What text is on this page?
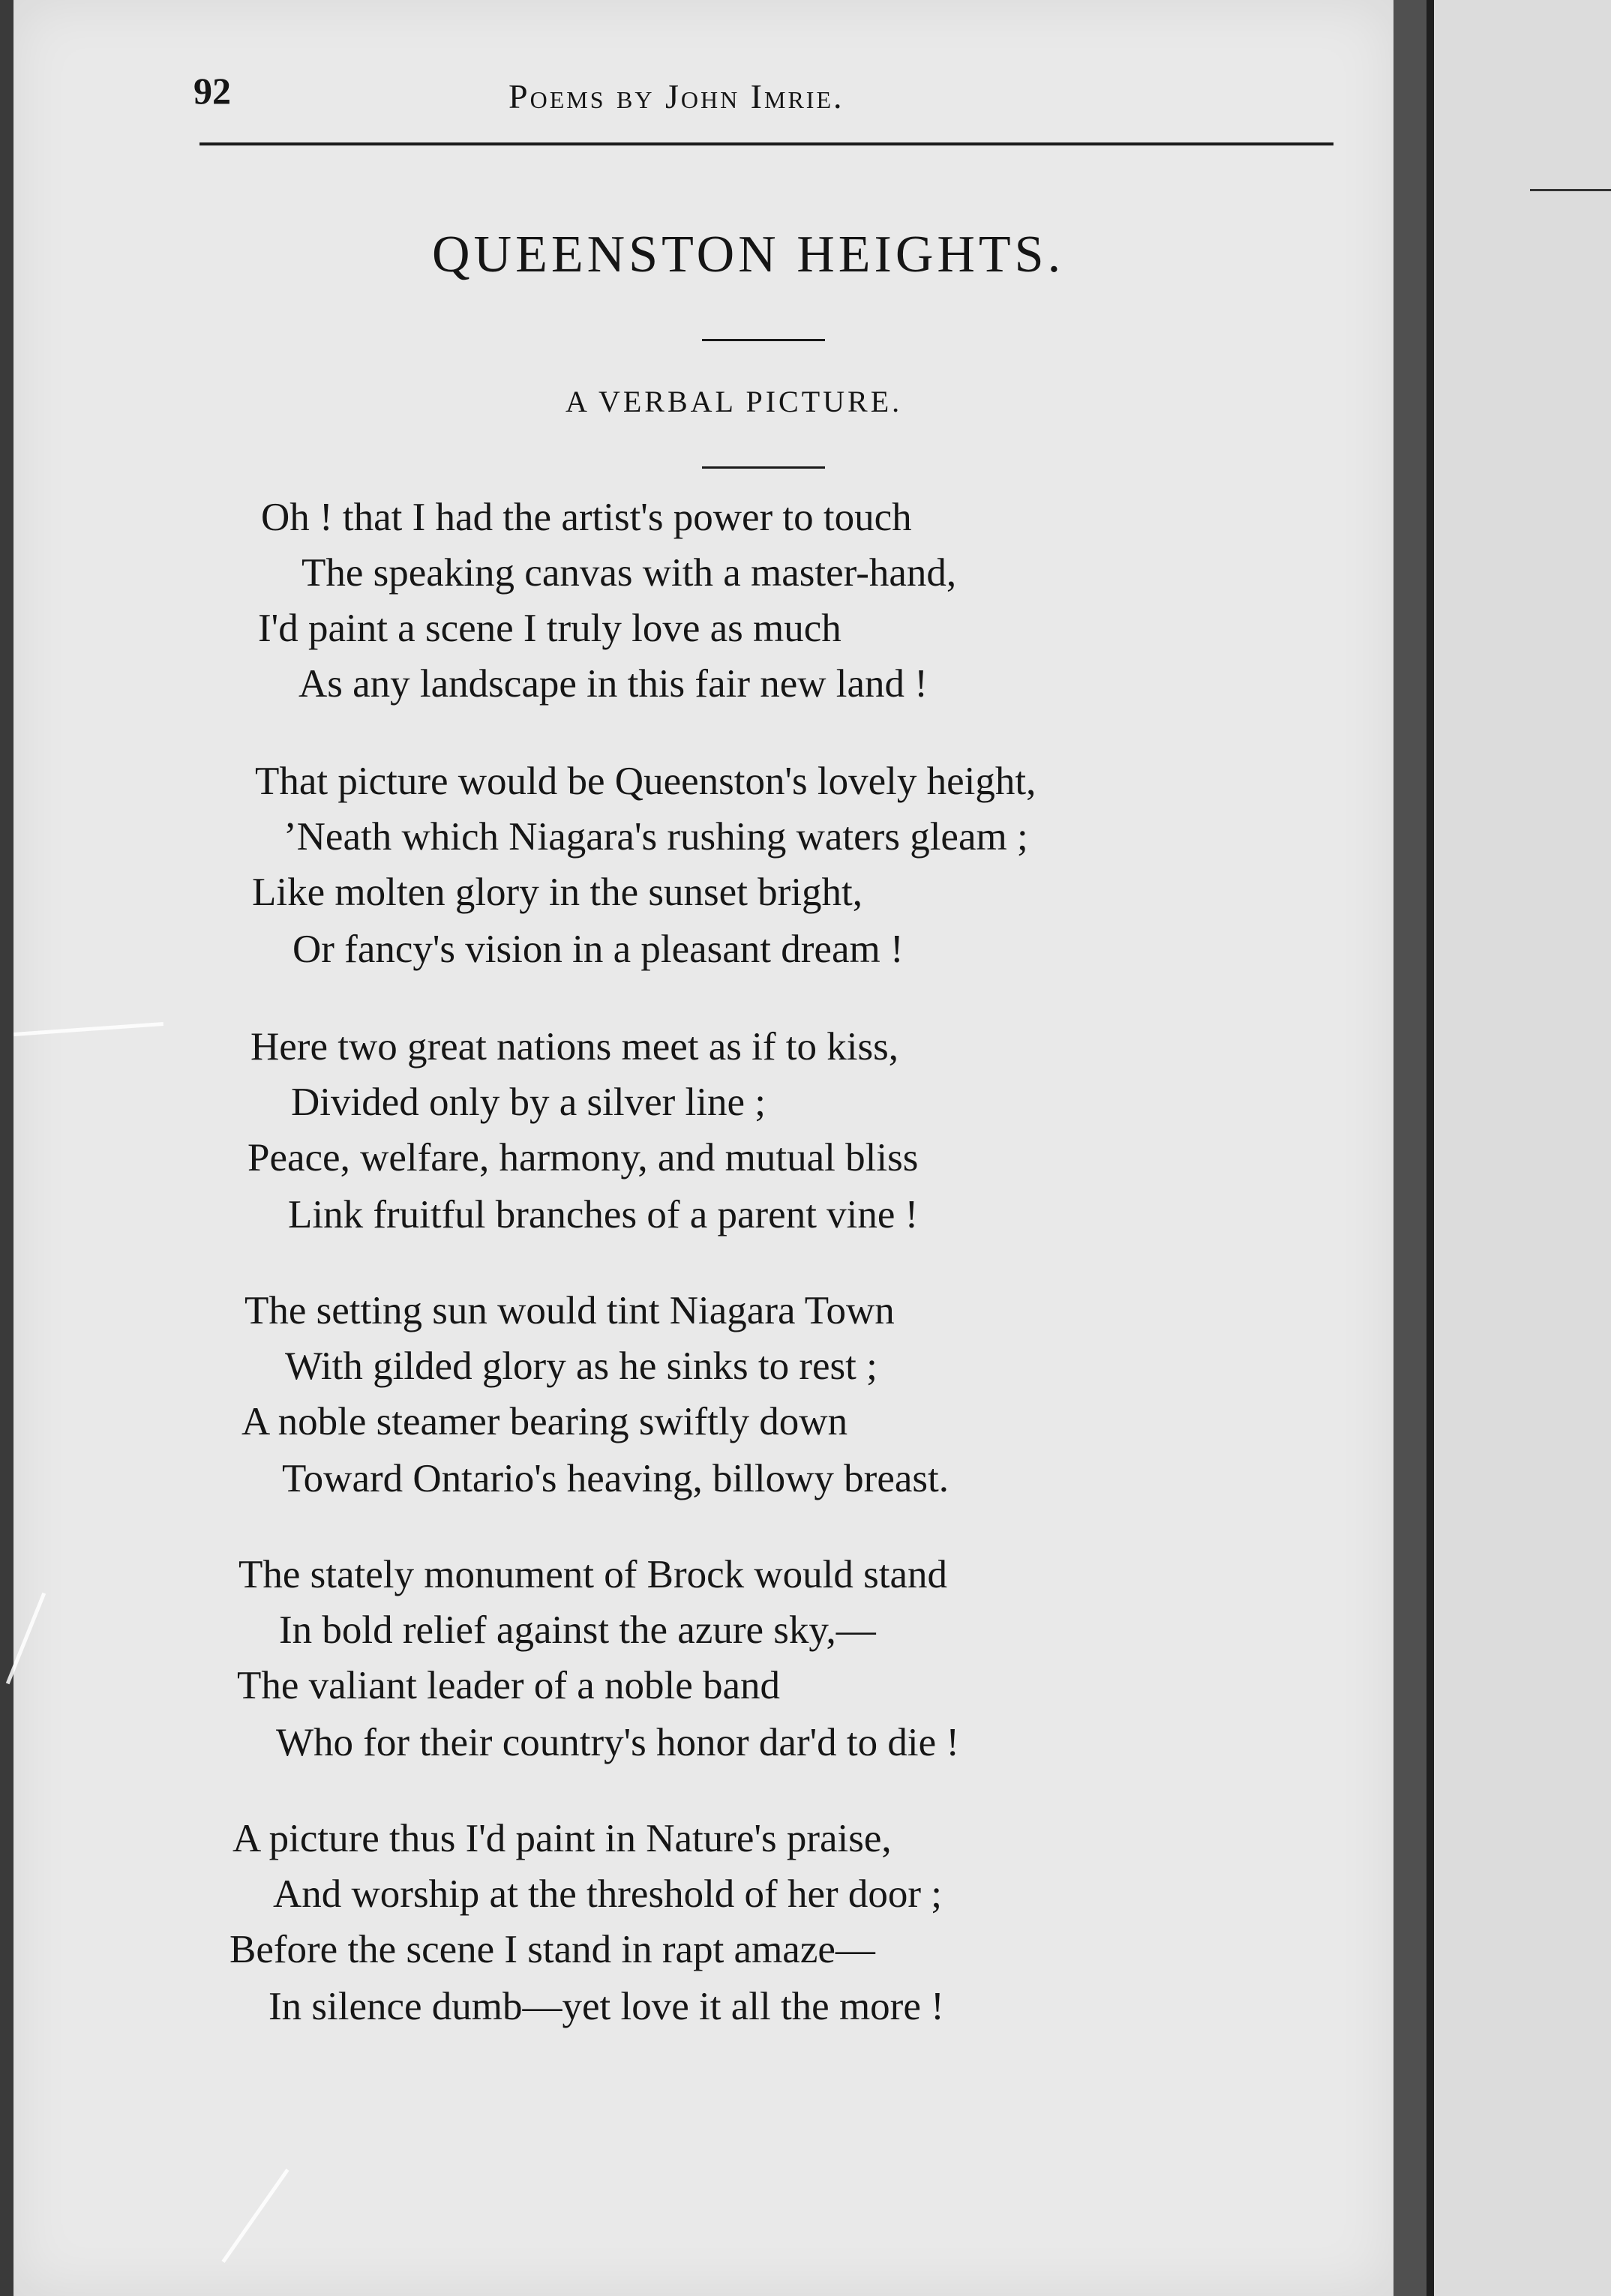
92	Poems by John Imrie.
QUEENSTON HEIGHTS.
A VERBAL PICTURE.
Oh ! that I had the artist's power to touch
The speaking canvas with a master-hand,
I'd paint a scene I truly love as much
As any landscape in this fair new land !
That picture would be Queenston's lovely height,
’Neath which Niagara's rushing waters gleam ;
Like molten glory in the sunset bright,
Or fancy's vision in a pleasant dream !
Here two great nations meet as if to kiss,
Divided only by a silver line ;
Peace, welfare, harmony, and mutual bliss
Link fruitful branches of a parent vine !
The setting sun would tint Niagara Town
With gilded glory as he sinks to rest ;
A noble steamer bearing swiftly down
Toward Ontario's heaving, billowy breast.
The stately monument of Brock would stand
In bold relief against the azure sky,—
The valiant leader of a noble band
Who for their country's honor dar'd to die !
A picture thus I'd paint in Nature's praise,
And worship at the threshold of her door ;
Before the scene I stand in rapt amaze—
In silence dumb—yet love it all the more !
